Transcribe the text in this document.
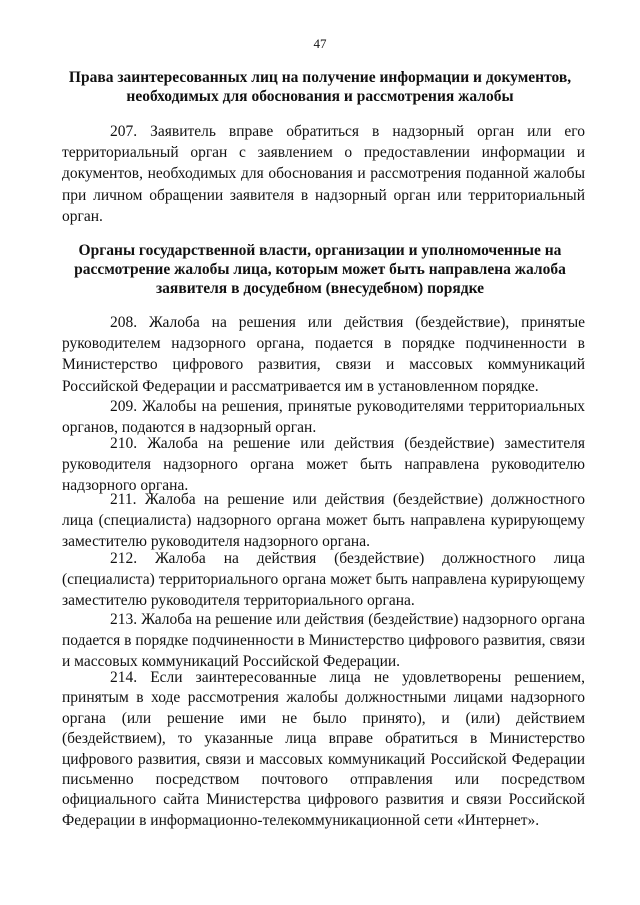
47
Права заинтересованных лиц на получение информации и документов, необходимых для обоснования и рассмотрения жалобы
207. Заявитель вправе обратиться в надзорный орган или его территориальный орган с заявлением о предоставлении информации и документов, необходимых для обоснования и рассмотрения поданной жалобы при личном обращении заявителя в надзорный орган или территориальный орган.
Органы государственной власти, организации и уполномоченные на рассмотрение жалобы лица, которым может быть направлена жалоба заявителя в досудебном (внесудебном) порядке
208. Жалоба на решения или действия (бездействие), принятые руководителем надзорного органа, подается в порядке подчиненности в Министерство цифрового развития, связи и массовых коммуникаций Российской Федерации и рассматривается им в установленном порядке.
209. Жалобы на решения, принятые руководителями территориальных органов, подаются в надзорный орган.
210. Жалоба на решение или действия (бездействие) заместителя руководителя надзорного органа может быть направлена руководителю надзорного органа.
211. Жалоба на решение или действия (бездействие) должностного лица (специалиста) надзорного органа может быть направлена курирующему заместителю руководителя надзорного органа.
212. Жалоба на действия (бездействие) должностного лица (специалиста) территориального органа может быть направлена курирующему заместителю руководителя территориального органа.
213. Жалоба на решение или действия (бездействие) надзорного органа подается в порядке подчиненности в Министерство цифрового развития, связи и массовых коммуникаций Российской Федерации.
214. Если заинтересованные лица не удовлетворены решением, принятым в ходе рассмотрения жалобы должностными лицами надзорного органа (или решение ими не было принято), и (или) действием (бездействием), то указанные лица вправе обратиться в Министерство цифрового развития, связи и массовых коммуникаций Российской Федерации письменно посредством почтового отправления или посредством официального сайта Министерства цифрового развития и связи Российской Федерации в информационно-телекоммуникационной сети «Интернет».
